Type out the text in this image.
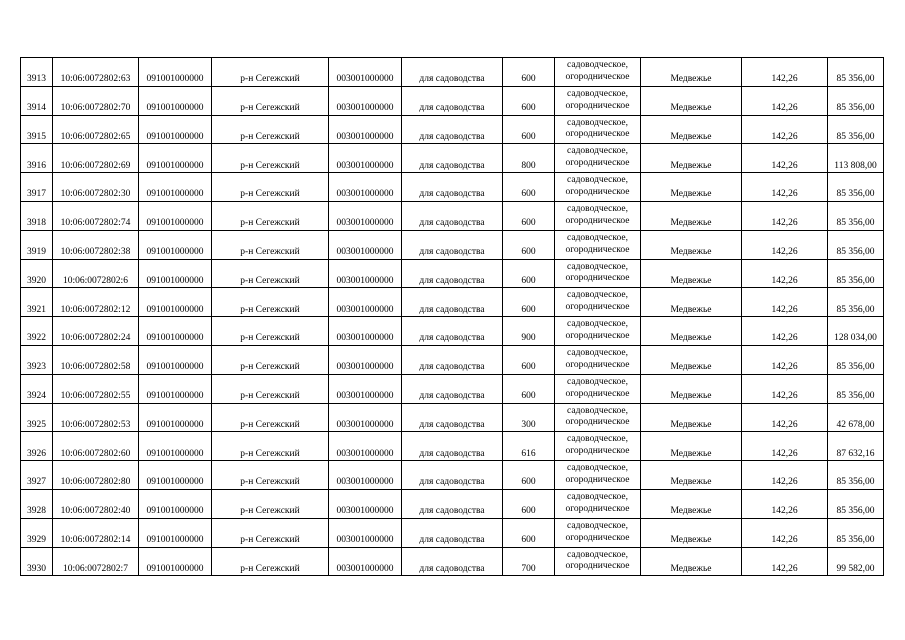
3913	10:06:0072802:63	091001000000	р-н Сегежский	003001000000	для садоводства	600	садоводческое,
огородническое	Медвежье	142,26	85 356,00

3914	10:06:0072802:70	091001000000	р-н Сегежский	003001000000	для садоводства	600	садоводческое,
огородническое	Медвежье	142,26	85 356,00

3915	10:06:0072802:65	091001000000	р-н Сегежский	003001000000	для садоводства	600	садоводческое,
огородническое	Медвежье	142,26	85 356,00

3916	10:06:0072802:69	091001000000	р-н Сегежский	003001000000	для садоводства	800	садоводческое,
огородническое	Медвежье	142,26	113 808,00

3917	10:06:0072802:30	091001000000	р-н Сегежский	003001000000	для садоводства	600	садоводческое,
огородническое	Медвежье	142,26	85 356,00

3918	10:06:0072802:74	091001000000	р-н Сегежский	003001000000	для садоводства	600	садоводческое,
огородническое	Медвежье	142,26	85 356,00

3919	10:06:0072802:38	091001000000	р-н Сегежский	003001000000	для садоводства	600	садоводческое,
огородническое	Медвежье	142,26	85 356,00

3920	10:06:0072802:6	091001000000	р-н Сегежский	003001000000	для садоводства	600	садоводческое,
огородническое	Медвежье	142,26	85 356,00

3921	10:06:0072802:12	091001000000	р-н Сегежский	003001000000	для садоводства	600	садоводческое,
огородническое	Медвежье	142,26	85 356,00

3922	10:06:0072802:24	091001000000	р-н Сегежский	003001000000	для садоводства	900	садоводческое,
огородническое	Медвежье	142,26	128 034,00

3923	10:06:0072802:58	091001000000	р-н Сегежский	003001000000	для садоводства	600	садоводческое,
огородническое	Медвежье	142,26	85 356,00

3924	10:06:0072802:55	091001000000	р-н Сегежский	003001000000	для садоводства	600	садоводческое,
огородническое	Медвежье	142,26	85 356,00

3925	10:06:0072802:53	091001000000	р-н Сегежский	003001000000	для садоводства	300	садоводческое,
огородническое	Медвежье	142,26	42 678,00

3926	10:06:0072802:60	091001000000	р-н Сегежский	003001000000	для садоводства	616	садоводческое,
огородническое	Медвежье	142,26	87 632,16

3927	10:06:0072802:80	091001000000	р-н Сегежский	003001000000	для садоводства	600	садоводческое,
огородническое	Медвежье	142,26	85 356,00

3928	10:06:0072802:40	091001000000	р-н Сегежский	003001000000	для садоводства	600	садоводческое,
огородническое	Медвежье	142,26	85 356,00

3929	10:06:0072802:14	091001000000	р-н Сегежский	003001000000	для садоводства	600	садоводческое,
огородническое	Медвежье	142,26	85 356,00

3930	10:06:0072802:7	091001000000	р-н Сегежский	003001000000	для садоводства	700	садоводческое,
огородническое	Медвежье	142,26	99 582,00
